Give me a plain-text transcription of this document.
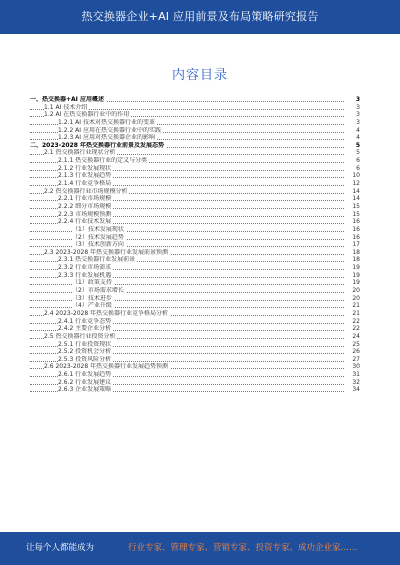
热交换器企业+AI 应用前景及布局策略研究报告
内容目录
一、热交换器+AI 应用概述	3
1.1 AI 技术介绍	3
1.2 AI 在热交换器行业中的作用	3
1.2.1 AI 技术对热交换器行业的变革	3
1.2.2 AI 应用在热交换器行业中的实践	4
1.2.3 AI 应用对热交换器企业的影响	4
二、2023-2028 年热交换器行业前景及发展态势	5
2.1 热交换器行业现状分析	5
2.1.1 热交换器行业的定义与分类	6
2.1.2 行业发展现状	6
2.1.3 行业发展趋势	10
2.1.4 行业竞争格局	12
2.2 热交换器行业市场规模分析	14
2.2.1 行业市场规模	14
2.2.2 细分市场规模	15
2.2.3 市场规模预测	15
2.2.4 行业技术发展	16
（1）技术发展现状	16
（2）技术发展趋势	16
（3）技术创新方向	17
2.3 2023-2028 年热交换器行业发展前景预测	18
2.3.1 热交换器行业发展前景	18
2.3.2 行业市场需求	19
2.3.3 行业发展机遇	19
（1）政策支持	19
（2）市场需求增长	20
（3）技术进步	20
（4）产业升级	21
2.4 2023-2028 年热交换器行业竞争格局分析	21
2.4.1 行业竞争态势	22
2.4.2 主要企业分析	22
2.5 热交换器行业投资分析	24
2.5.1 行业投资现状	25
2.5.2 投资机会分析	26
2.5.3 投资风险分析	27
2.6 2023-2028 年热交换器行业发展趋势预测	30
2.6.1 行业发展趋势	31
2.6.2 行业发展建议	32
2.6.3 企业发展策略	34
让每个人都能成为	行业专家、管理专家、营销专家、投资专家、成功企业家……
